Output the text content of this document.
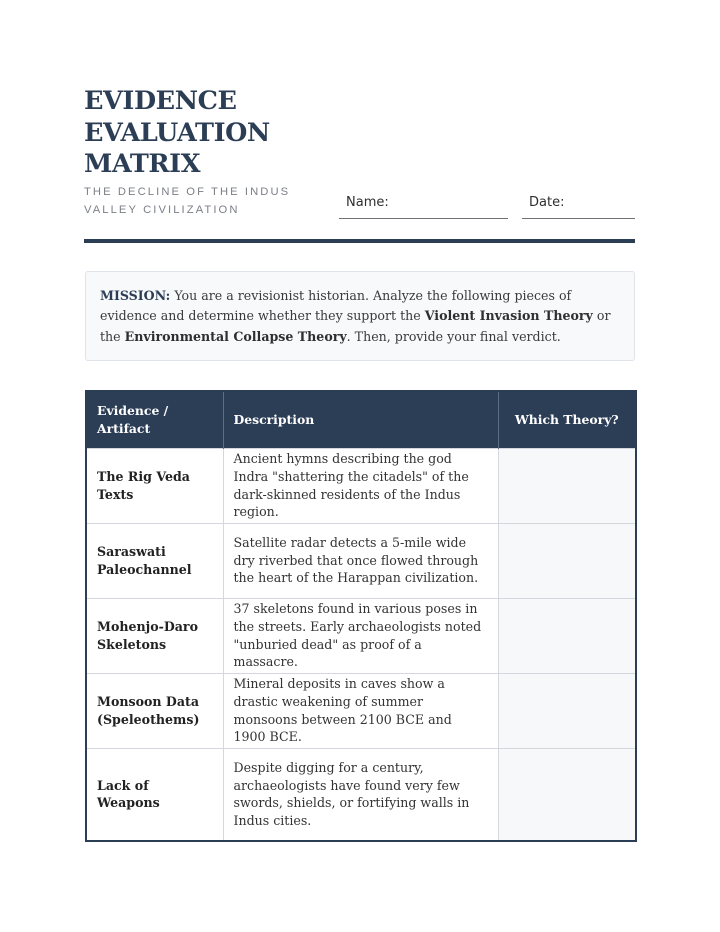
EVIDENCE
EVALUATION
MATRIX
THE DECLINE OF THE INDUS VALLEY CIVILIZATION	Name:	Date:
MISSION: You are a revisionist historian. Analyze the following pieces of evidence and determine whether they support the Violent Invasion Theory or the Environmental Collapse Theory. Then, provide your final verdict.
Evidence / Artifact	Description	Which Theory?
The Rig Veda Texts	Ancient hymns describing the god Indra "shattering the citadels" of the dark-skinned residents of the Indus region.	
Saraswati Paleochannel	Satellite radar detects a 5-mile wide dry riverbed that once flowed through the heart of the Harappan civilization.	
Mohenjo-Daro Skeletons	37 skeletons found in various poses in the streets. Early archaeologists noted "unburied dead" as proof of a massacre.	
Monsoon Data (Speleothems)	Mineral deposits in caves show a drastic weakening of summer monsoons between 2100 BCE and 1900 BCE.	
Lack of Weapons	Despite digging for a century, archaeologists have found very few swords, shields, or fortifying walls in Indus cities.	
